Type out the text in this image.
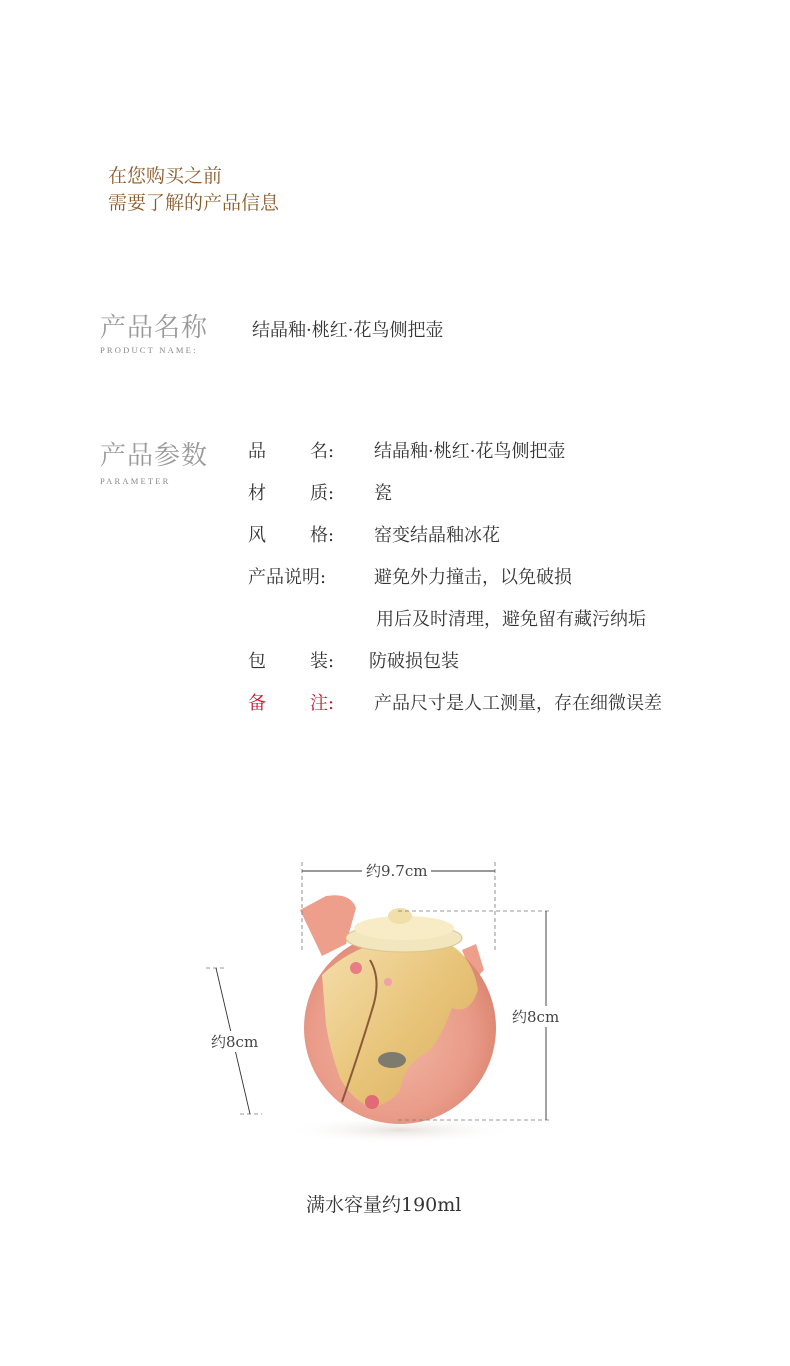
在您购买之前
需要了解的产品信息
产品名称
PRODUCT NAME:
结晶釉·桃红·花鸟侧把壶
产品参数
PARAMETER
品 名: 结晶釉·桃红·花鸟侧把壶
材 质: 瓷
风 格: 窑变结晶釉冰花
产品说明:	避免外力撞击，以免破损
用后及时清理，避免留有藏污纳垢
包 装: 防破损包装
备 注: 产品尺寸是人工测量，存在细微误差
约9.7cm
约8cm
约8cm
满水容量约190ml
